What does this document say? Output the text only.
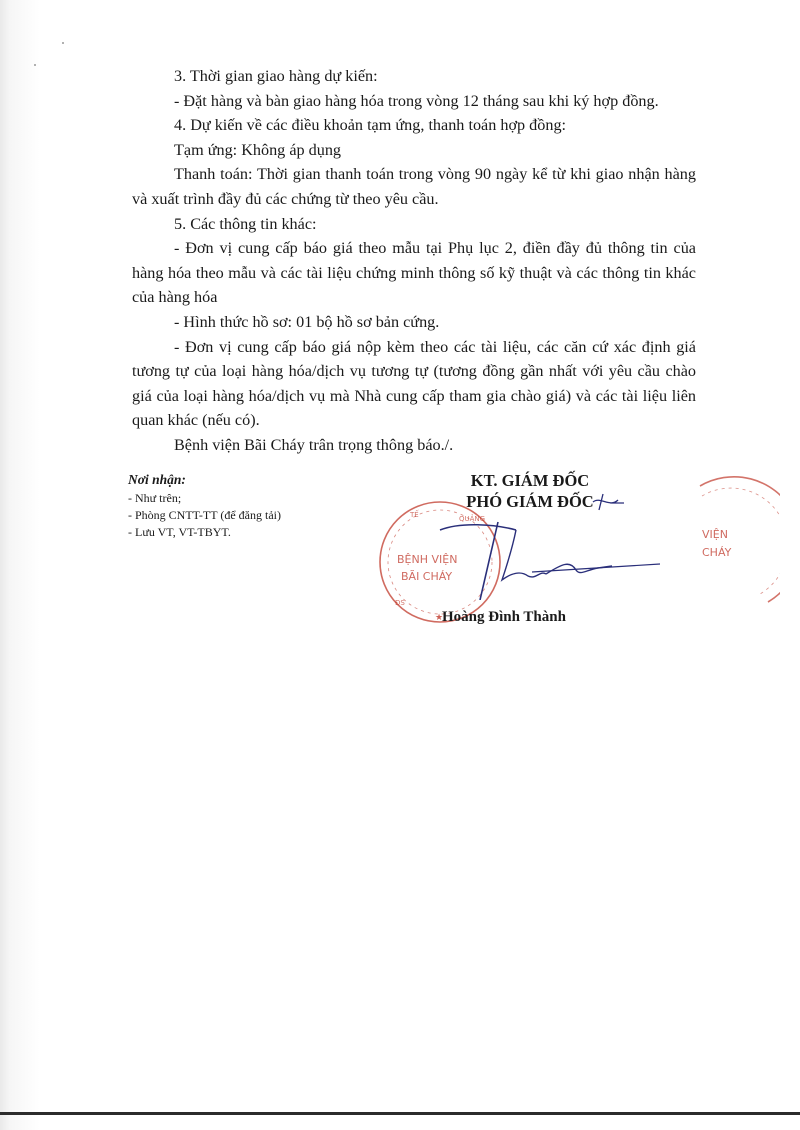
3. Thời gian giao hàng dự kiến:

- Đặt hàng và bàn giao hàng hóa trong vòng 12 tháng sau khi ký hợp đồng.

4. Dự kiến về các điều khoản tạm ứng, thanh toán hợp đồng:

Tạm ứng: Không áp dụng

Thanh toán: Thời gian thanh toán trong vòng 90 ngày kể từ khi giao nhận hàng và xuất trình đầy đủ các chứng từ theo yêu cầu.

5. Các thông tin khác:

- Đơn vị cung cấp báo giá theo mẫu tại Phụ lục 2, điền đầy đủ thông tin của hàng hóa theo mẫu và các tài liệu chứng minh thông số kỹ thuật và các thông tin khác của hàng hóa

- Hình thức hồ sơ: 01 bộ hồ sơ bản cứng.

- Đơn vị cung cấp báo giá nộp kèm theo các tài liệu, các căn cứ xác định giá tương tự của loại hàng hóa/dịch vụ tương tự (tương đồng gần nhất với yêu cầu chào giá của loại hàng hóa/dịch vụ mà Nhà cung cấp tham gia chào giá) và các tài liệu liên quan khác (nếu có).

Bệnh viện Bãi Cháy trân trọng thông báo./.

Nơi nhận:

- Như trên;

- Phòng CNTT-TT (để đăng tải)

- Lưu VT, VT-TBYT.

KT. GIÁM ĐỐC
PHÓ GIÁM ĐỐC
TẾ	QUẢNG
ĐS
★
BỆNH VIỆN
BÃI CHÁY
VIỆN
CHÁY
Hoàng Đình Thành
